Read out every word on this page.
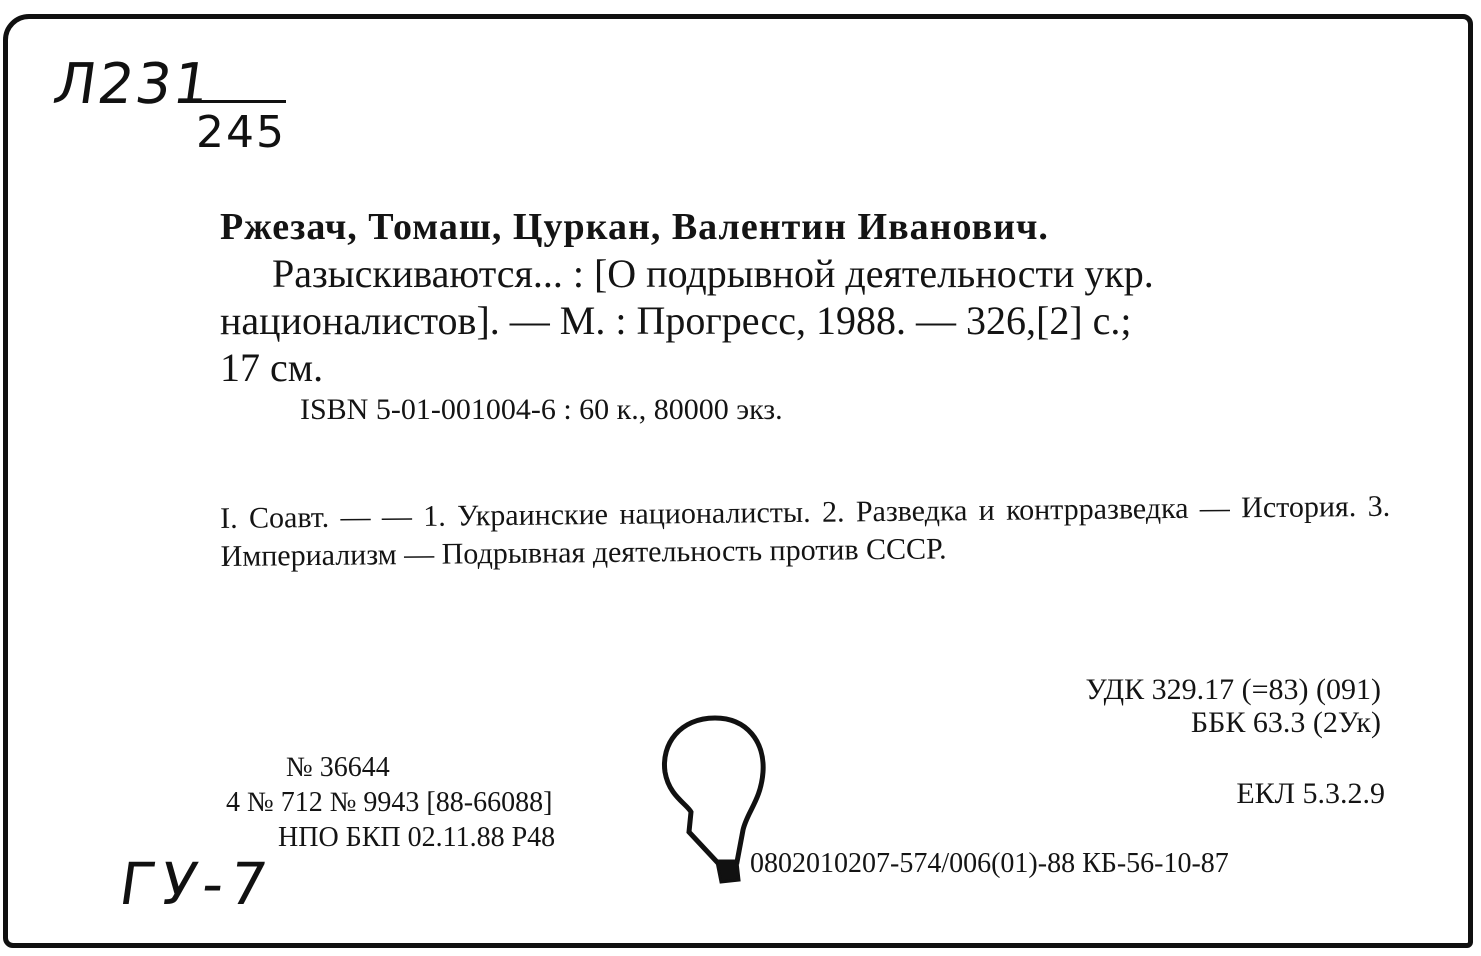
Л231
245
Ржезач, Томаш, Цуркан, Валентин Иванович.
Разыскиваются... : [О подрывной деятельности укр.
националистов]. — М. : Прогресс, 1988. — 326,[2] с.;
17 см.
ISBN 5-01-001004-6 : 60 к., 80000 экз.
I. Соавт. — — 1. Украинские националисты. 2. Разведка и контрразведка — История. 3. Империализм — Подрывная деятельность против СССР.
УДК 329.17 (=83) (091)
ББК 63.3 (2Ук)
ЕКЛ 5.3.2.9
№ 36644
4 № 712 № 9943 [88-66088]
НПО БКП 02.11.88 Р48
0802010207-574/006(01)-88 КБ-56-10-87
ГУ-7
